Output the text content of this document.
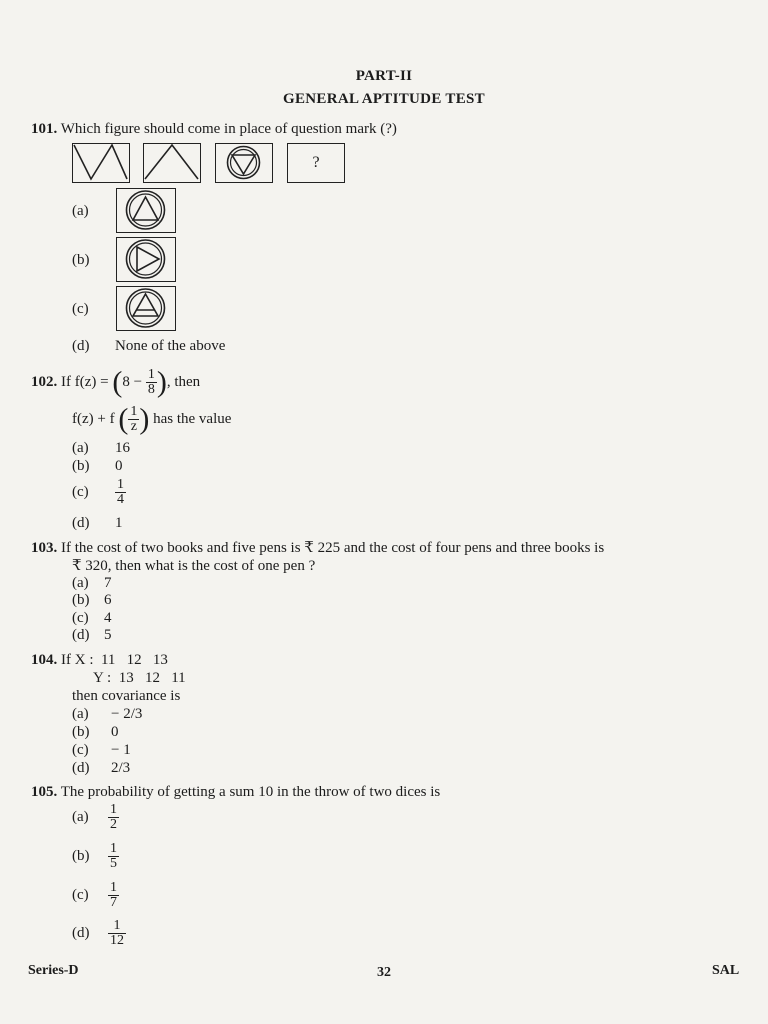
PART-II
GENERAL APTITUDE TEST
101. Which figure should come in place of question mark (?)
?
(a)
(b)
(c)
(d) None of the above
102. If $f(z) = (8 - \frac{1}{8}$ ), then
f(z) + f ( $\frac{1}{z}$ ) has the value
(a) 16
(b) 0
$(c) \frac{1}{4}$
(d) 1
103. If the cost of two books and five pens is ₹ 225 and the cost of four pens and three books is
₹ 320, then what is the cost of one pen ?
(a) 7
(b) 6
(c) 4
(d) 5
104. If X :  11   12   13
Y :  13   12   11
then covariance is
(a) − 2/3
(b) 0
(c) − 1
(d) 2/3
105. The probability of getting a sum 10 in the throw of two dices is
$(a) \frac{1}{2}$
$(b) \frac{1}{5}$
$(c) \frac{1}{7}$
$(d) \frac{1}{12}$
Series-D	32	SAL
